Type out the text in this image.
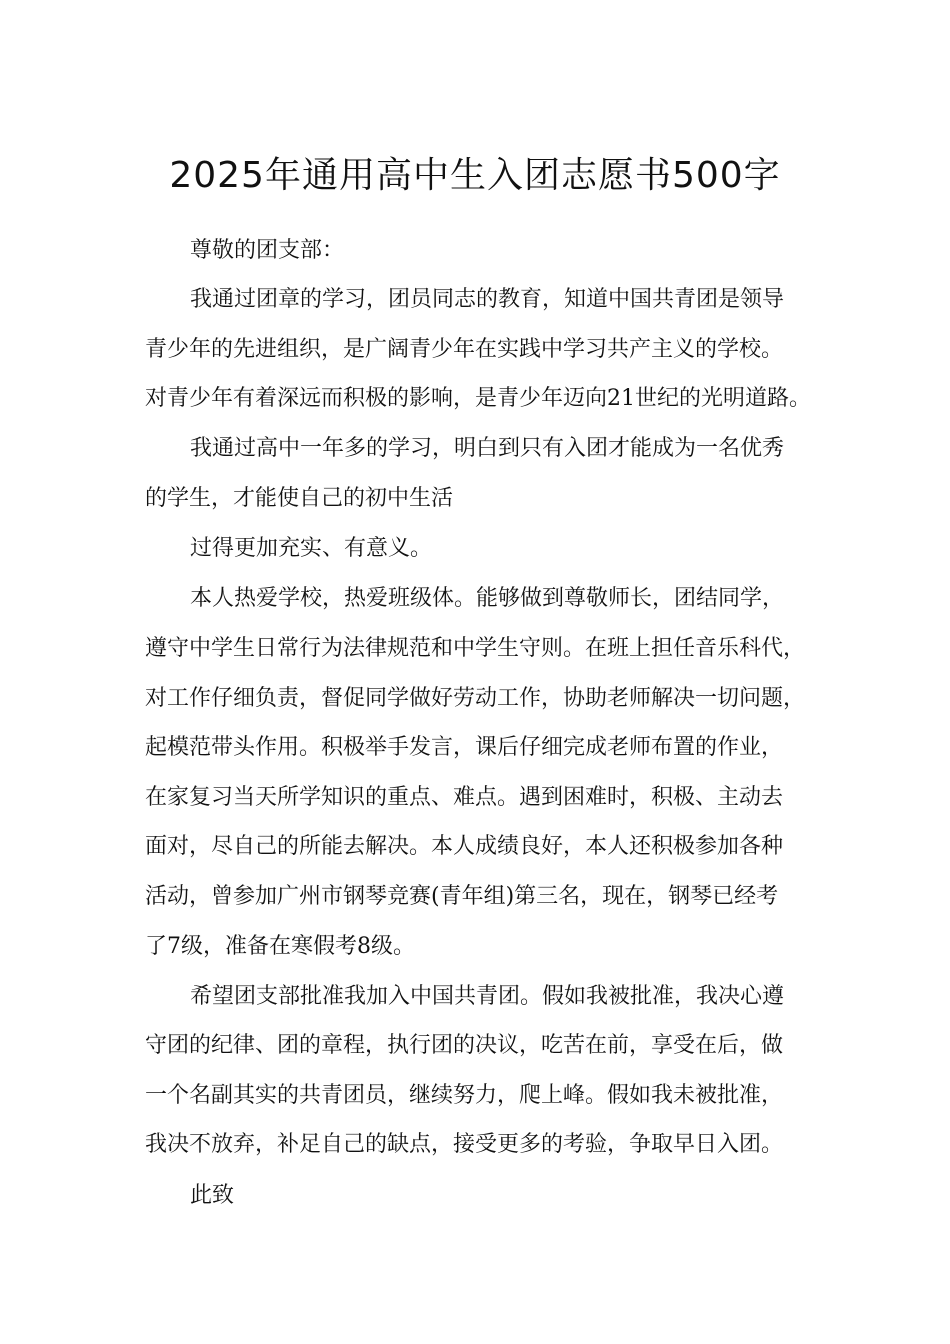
2025年通用高中生入团志愿书500字
尊敬的团支部：
我通过团章的学习，团员同志的教育，知道中国共青团是领导
青少年的先进组织，是广阔青少年在实践中学习共产主义的学校。
对青少年有着深远而积极的影响，是青少年迈向21世纪的光明道路。
我通过高中一年多的学习，明白到只有入团才能成为一名优秀
的学生，才能使自己的初中生活
过得更加充实、有意义。
本人热爱学校，热爱班级体。能够做到尊敬师长，团结同学，
遵守中学生日常行为法律规范和中学生守则。在班上担任音乐科代，
对工作仔细负责，督促同学做好劳动工作，协助老师解决一切问题，
起模范带头作用。积极举手发言，课后仔细完成老师布置的作业，
在家复习当天所学知识的重点、难点。遇到困难时，积极、主动去
面对，尽自己的所能去解决。本人成绩良好，本人还积极参加各种
活动，曾参加广州市钢琴竞赛(青年组)第三名，现在，钢琴已经考
了7级，准备在寒假考8级。
希望团支部批准我加入中国共青团。假如我被批准，我决心遵
守团的纪律、团的章程，执行团的决议，吃苦在前，享受在后，做
一个名副其实的共青团员，继续努力，爬上峰。假如我未被批准，
我决不放弃，补足自己的缺点，接受更多的考验，争取早日入团。
此致
